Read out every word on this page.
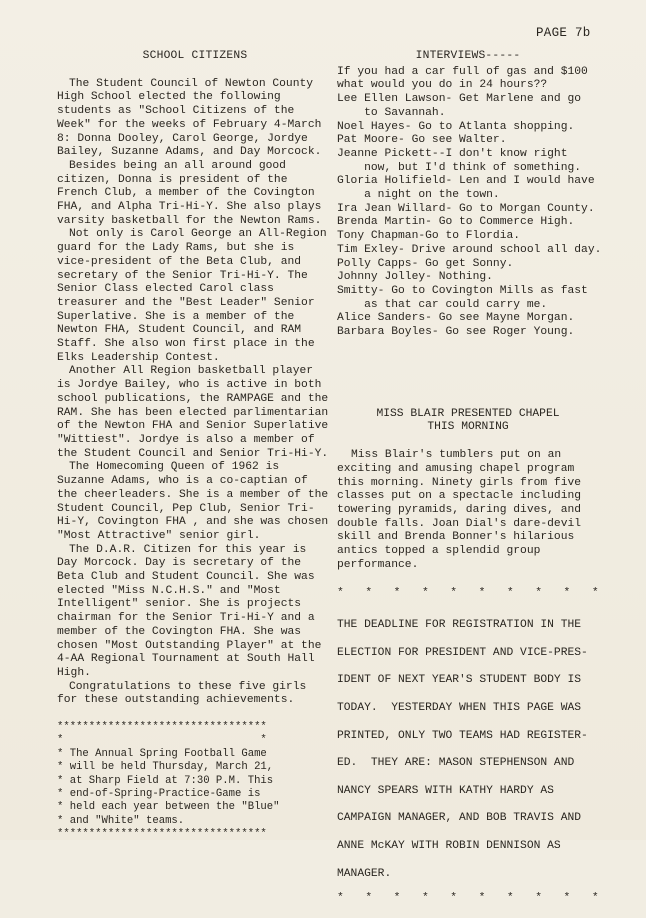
PAGE 7b
SCHOOL CITIZENS

The Student Council of Newton County High School elected the following students as "School Citizens of the Week" for the weeks of February 4-March 8: Donna Dooley, Carol George, Jordye Bailey, Suzanne Adams, and Day Morcock.

Besides being an all around good citizen, Donna is president of the French Club, a member of the Covington FHA, and Alpha Tri-Hi-Y. She also plays varsity basketball for the Newton Rams.

Not only is Carol George an All-Region guard for the Lady Rams, but she is vice-president of the Beta Club, and secretary of the Senior Tri-Hi-Y. The Senior Class elected Carol class treasurer and the "Best Leader" Senior Superlative. She is a member of the Newton FHA, Student Council, and RAM Staff. She also won first place in the Elks Leadership Contest.

Another All Region basketball player is Jordye Bailey, who is active in both school publications, the RAMPAGE and the RAM. She has been elected parlimentarian of the Newton FHA and Senior Superlative "Wittiest". Jordye is also a member of the Student Council and Senior Tri-Hi-Y.

The Homecoming Queen of 1962 is Suzanne Adams, who is a co-captian of the cheerleaders. She is a member of the Student Council, Pep Club, Senior Tri-Hi-Y, Covington FHA , and she was chosen "Most Attractive" senior girl.

The D.A.R. Citizen for this year is Day Morcock. Day is secretary of the Beta Club and Student Council. She was elected "Miss N.C.H.S." and "Most Intelligent" senior. She is projects chairman for the Senior Tri-Hi-Y and a member of the Covington FHA. She was chosen "Most Outstanding Player" at the 4-AA Regional Tournament at South Hall High.

Congratulations to these five girls for these outstanding achievements.

*********************************
*                               *
* The Annual Spring Football Game
* will be held Thursday, March 21,
* at Sharp Field at 7:30 P.M. This
* end-of-Spring-Practice-Game is
* held each year between the "Blue"
* and "White" teams.
*********************************
INTERVIEWS-----
If you had a car full of gas and $100
what would you do in 24 hours??
Lee Ellen Lawson- Get Marlene and go
to Savannah.
Noel Hayes- Go to Atlanta shopping.
Pat Moore- Go see Walter.
Jeanne Pickett--I don't know right
now, but I'd think of something.
Gloria Holifield- Len and I would have
a night on the town.
Ira Jean Willard- Go to Morgan County.
Brenda Martin- Go to Commerce High.
Tony Chapman-Go to Flordia.
Tim Exley- Drive around school all day.
Polly Capps- Go get Sonny.
Johnny Jolley- Nothing.
Smitty- Go to Covington Mills as fast
as that car could carry me.
Alice Sanders- Go see Mayne Morgan.
Barbara Boyles- Go see Roger Young.
MISS BLAIR PRESENTED CHAPEL
THIS MORNING

Miss Blair's tumblers put on an exciting and amusing chapel program this morning. Ninety girls from five classes put on a spectacle including towering pyramids, daring dives, and double falls. Joan Dial's dare-devil skill and Brenda Bonner's hilarious antics topped a splendid group performance.

*   *   *   *   *   *   *   *   *   *
THE DEADLINE FOR REGISTRATION IN THE
ELECTION FOR PRESIDENT AND VICE-PRES-
IDENT OF NEXT YEAR'S STUDENT BODY IS
TODAY.  YESTERDAY WHEN THIS PAGE WAS
PRINTED, ONLY TWO TEAMS HAD REGISTER-
ED.  THEY ARE: MASON STEPHENSON AND
NANCY SPEARS WITH KATHY HARDY AS
CAMPAIGN MANAGER, AND BOB TRAVIS AND
ANNE McKAY WITH ROBIN DENNISON AS
MANAGER.
*   *   *   *   *   *   *   *   *   *
